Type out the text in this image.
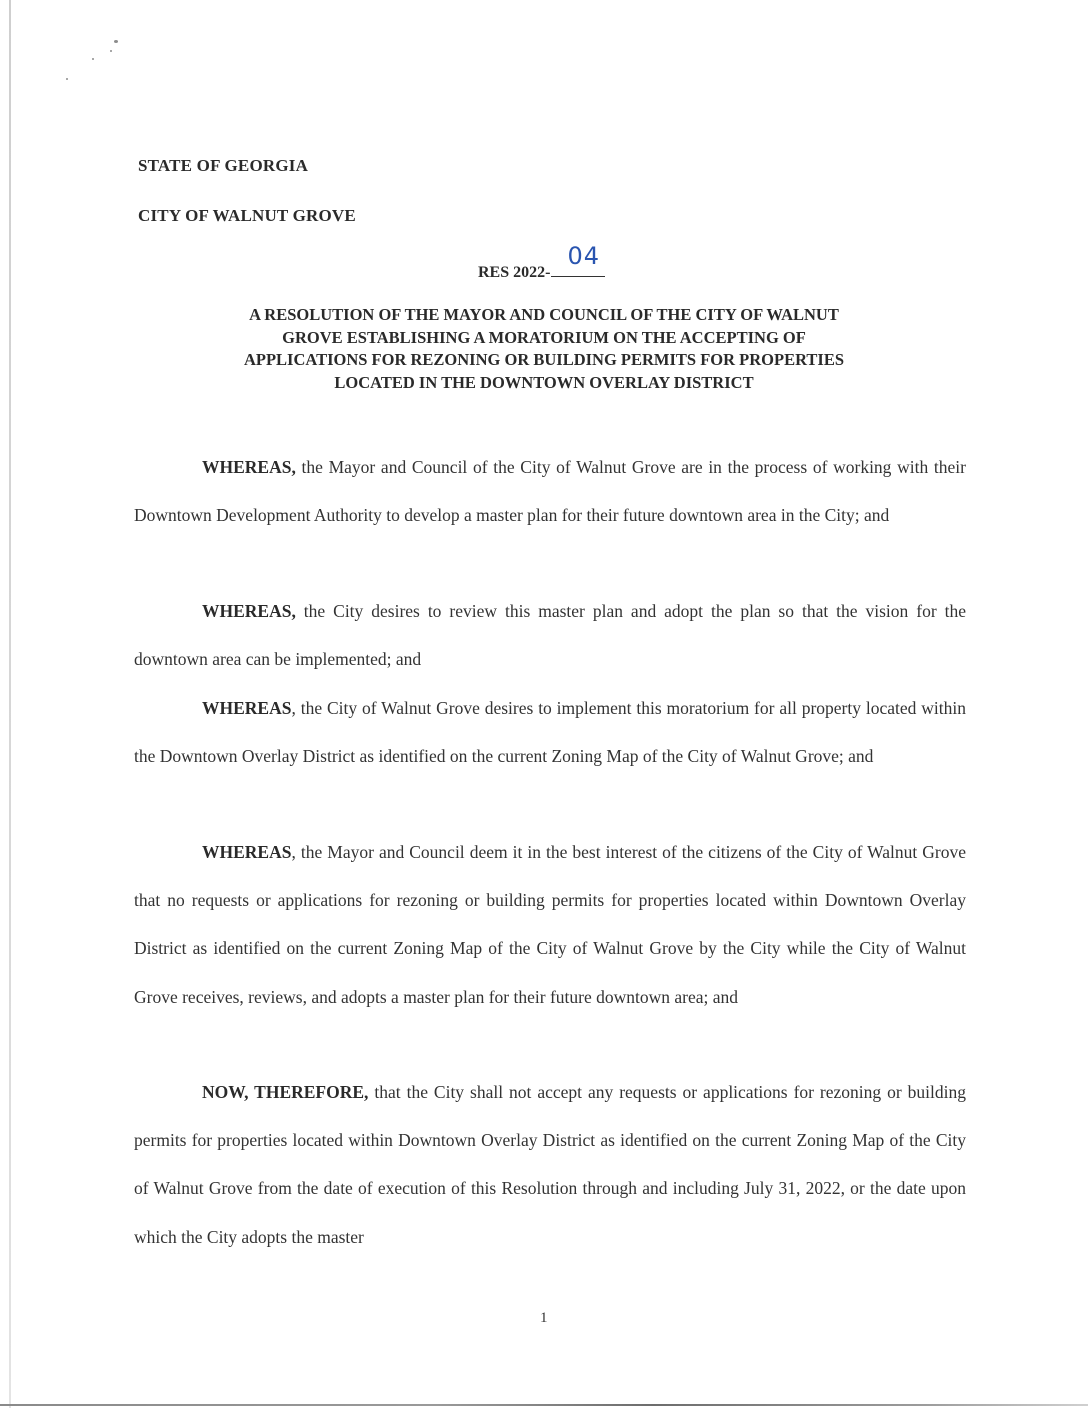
STATE OF GEORGIA
CITY OF WALNUT GROVE
RES 2022-
04
A RESOLUTION OF THE MAYOR AND COUNCIL OF THE CITY OF WALNUT
GROVE ESTABLISHING A MORATORIUM ON THE ACCEPTING OF
APPLICATIONS FOR REZONING OR BUILDING PERMITS FOR PROPERTIES
LOCATED IN THE DOWNTOWN OVERLAY DISTRICT

WHEREAS, the Mayor and Council of the City of Walnut Grove are in the process of working with their Downtown Development Authority to develop a master plan for their future downtown area in the City; and

WHEREAS, the City desires to review this master plan and adopt the plan so that the vision for the downtown area can be implemented; and

WHEREAS, the City of Walnut Grove desires to implement this moratorium for all property located within the Downtown Overlay District as identified on the current Zoning Map of the City of Walnut Grove; and

WHEREAS, the Mayor and Council deem it in the best interest of the citizens of the City of Walnut Grove that no requests or applications for rezoning or building permits for properties located within Downtown Overlay District as identified on the current Zoning Map of the City of Walnut Grove by the City while the City of Walnut Grove receives, reviews, and adopts a master plan for their future downtown area; and

NOW, THEREFORE, that the City shall not accept any requests or applications for rezoning or building permits for properties located within Downtown Overlay District as identified on the current Zoning Map of the City of Walnut Grove from the date of execution of this Resolution through and including July 31, 2022, or the date upon which the City adopts the master

1
